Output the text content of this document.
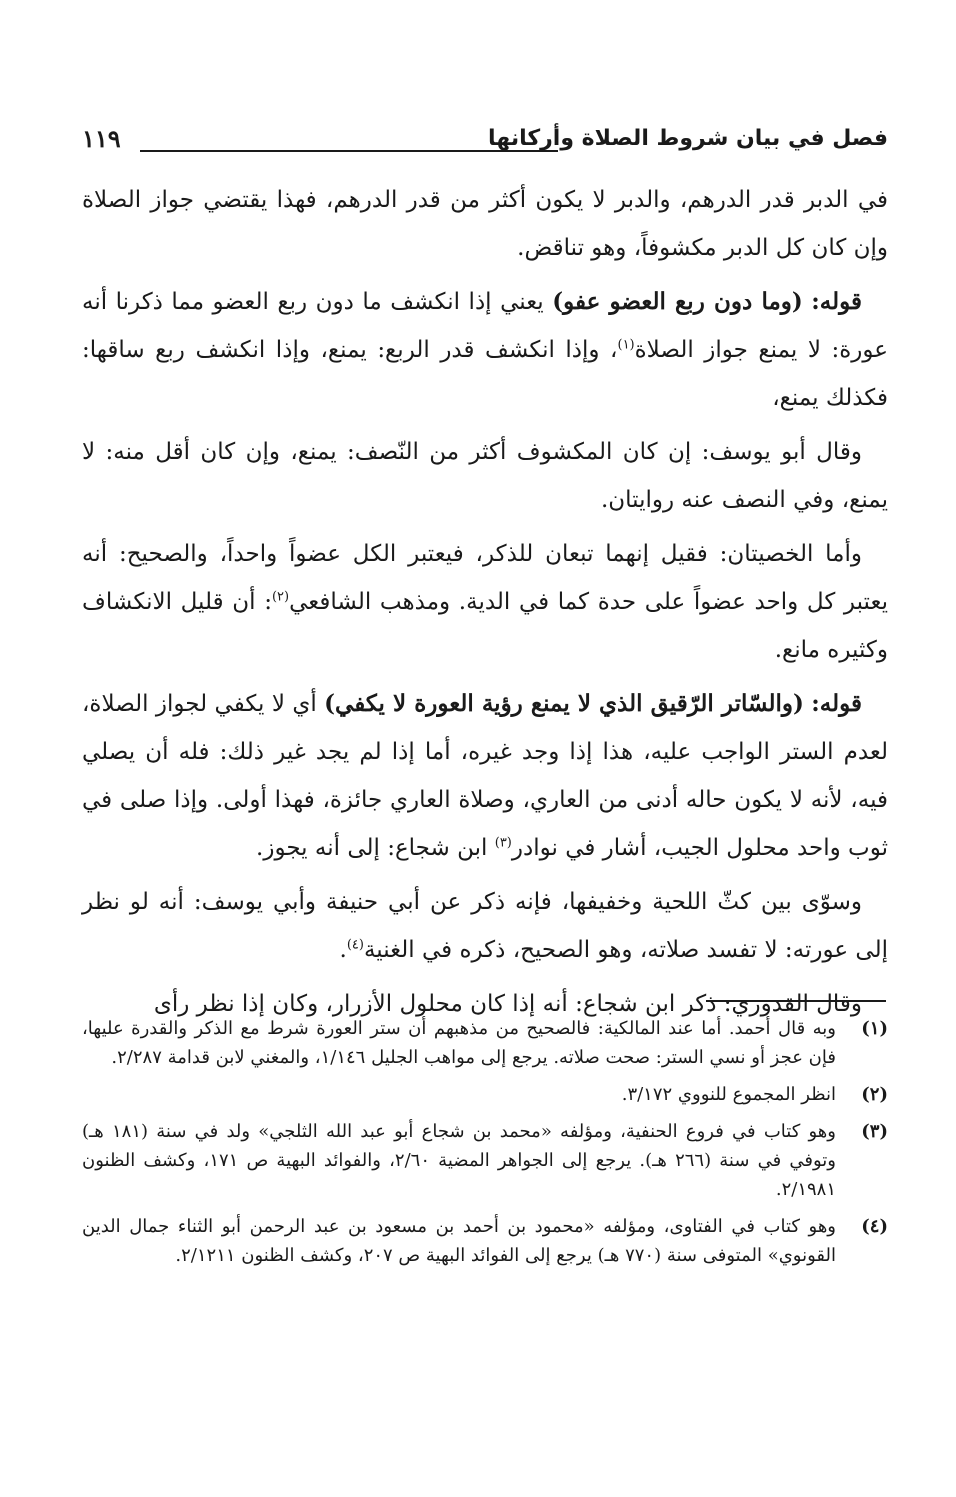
فصل في بيان شروط الصلاة وأركانها
١١٩

في الدبر قدر الدرهم، والدبر لا يكون أكثر من قدر الدرهم، فهذا يقتضي جواز الصلاة وإن كان كل الدبر مكشوفاً، وهو تناقض.

قوله: (وما دون ربع العضو عفو) يعني إذا انكشف ما دون ربع العضو مما ذكرنا أنه عورة: لا يمنع جواز الصلاة$^{(١)}$، وإذا انكشف قدر الربع: يمنع، وإذا انكشف ربع ساقها: فكذلك يمنع،

وقال أبو يوسف: إن كان المكشوف أكثر من النّصف: يمنع، وإن كان أقل منه: لا يمنع، وفي النصف عنه روايتان.

وأما الخصيتان: فقيل إنهما تبعان للذكر، فيعتبر الكل عضواً واحداً، والصحيح: أنه يعتبر كل واحد عضواً على حدة كما في الدية. ومذهب الشافعي$^{(٢)}$: أن قليل الانكشاف وكثيره مانع.

قوله: (والسّاتر الرّقيق الذي لا يمنع رؤية العورة لا يكفي) أي لا يكفي لجواز الصلاة، لعدم الستر الواجب عليه، هذا إذا وجد غيره، أما إذا لم يجد غير ذلك: فله أن يصلي فيه، لأنه لا يكون حاله أدنى من العاري، وصلاة العاري جائزة، فهذا أولى. وإذا صلى في ثوب واحد محلول الجيب، أشار في نوادر$^{(٣)}$ ابن شجاع: إلى أنه يجوز.

وسوّى بين كثّ اللحية وخفيفها، فإنه ذكر عن أبي حنيفة وأبي يوسف: أنه لو نظر إلى عورته: لا تفسد صلاته، وهو الصحيح، ذكره في الغنية$^{(٤)}$.

وقال القدوري: ذكر ابن شجاع: أنه إذا كان محلول الأزرار، وكان إذا نظر رأى

(١)
وبه قال أحمد. أما عند المالكية: فالصحيح من مذهبهم أن ستر العورة شرط مع الذكر والقدرة عليها، فإن عجز أو نسي الستر: صحت صلاته. يرجع إلى مواهب الجليل ١/١٤٦، والمغني لابن قدامة ٢/٢٨٧.
(٢)
انظر المجموع للنووي ٣/١٧٢.
(٣)
وهو كتاب في فروع الحنفية، ومؤلفه «محمد بن شجاع أبو عبد الله الثلجي» ولد في سنة (١٨١ هـ) وتوفي في سنة (٢٦٦ هـ). يرجع إلى الجواهر المضية ٢/٦٠، والفوائد البهية ص ١٧١، وكشف الظنون ٢/١٩٨١.
(٤)
وهو كتاب في الفتاوى، ومؤلفه «محمود بن أحمد بن مسعود بن عبد الرحمن أبو الثناء جمال الدين القونوي» المتوفى سنة (٧٧٠ هـ) يرجع إلى الفوائد البهية ص ٢٠٧، وكشف الظنون ٢/١٢١١.
